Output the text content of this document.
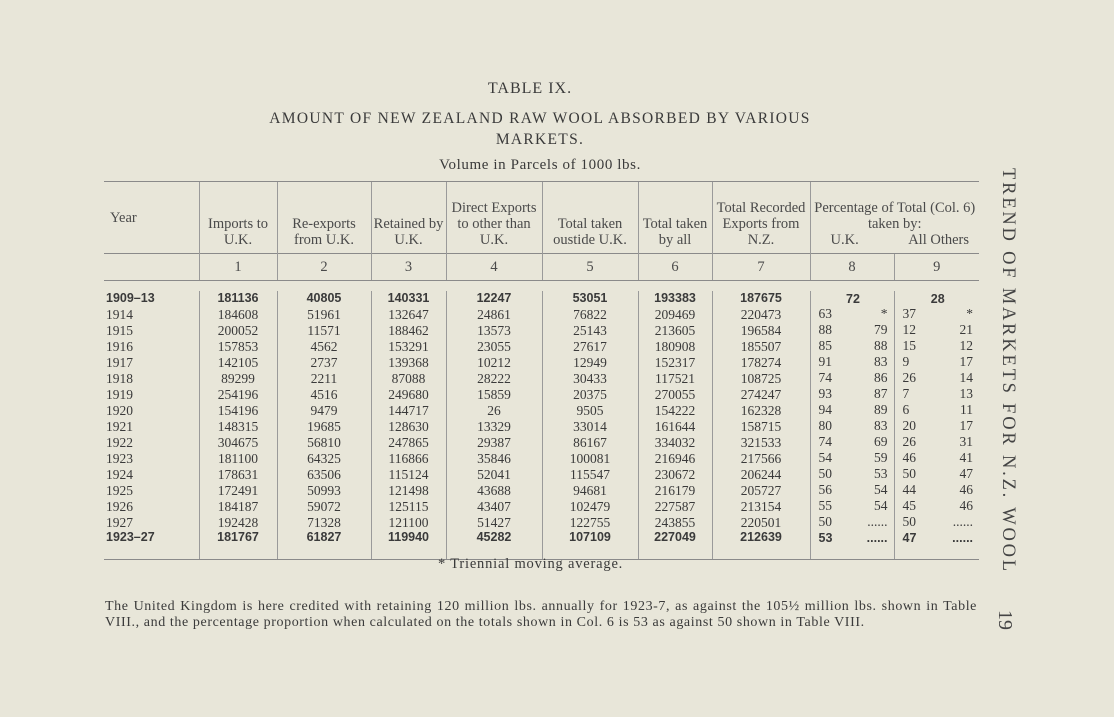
TABLE IX.
AMOUNT OF NEW ZEALAND RAW WOOL ABSORBED BY VARIOUS MARKETS.
Volume in Parcels of 1000 lbs.
Year	Imports to U.K.	Re-exports from U.K.	Retained by U.K.	Direct Exports to other than U.K.	Total taken oustide U.K.	Total taken by all	Total Recorded Exports from N.Z.	Percentage of Total (Col. 6) taken by:
U.K. All Others	

	1	2	3	4	5	6	7	8	9

1909–13	181136	40805	140331	12247	53051	193383	187675	72	28

1914	184608	51961	132647	24861	76822	209469	220473	63 *	37 *

1915	200052	11571	188462	13573	25143	213605	196584	88 79	12 21

1916	157853	4562	153291	23055	27617	180908	185507	85 88	15 12

1917	142105	2737	139368	10212	12949	152317	178274	91 83	9 17

1918	89299	2211	87088	28222	30433	117521	108725	74 86	26 14

1919	254196	4516	249680	15859	20375	270055	274247	93 87	7 13

1920	154196	9479	144717	26	9505	154222	162328	94 89	6 11

1921	148315	19685	128630	13329	33014	161644	158715	80 83	20 17

1922	304675	56810	247865	29387	86167	334032	321533	74 69	26 31

1923	181100	64325	116866	35846	100081	216946	217566	54 59	46 41

1924	178631	63506	115124	52041	115547	230672	206244	50 53	50 47

1925	172491	50993	121498	43688	94681	216179	205727	56 54	44 46

1926	184187	59072	125115	43407	102479	227587	213154	55 54	45 46

1927	192428	71328	121100	51427	122755	243855	220501	50 ......	50 ......

1923–27	181767	61827	119940	45282	107109	227049	212639	53 ......	47 ......
* Triennial moving average.
The United Kingdom is here credited with retaining 120 million lbs. annually for 1923-7, as against the 105½ million lbs. shown in Table VIII., and the percentage proportion when calculated on the totals shown in Col. 6 is 53 as against 50 shown in Table VIII.
TREND OF MARKETS FOR N.Z. WOOL
19
